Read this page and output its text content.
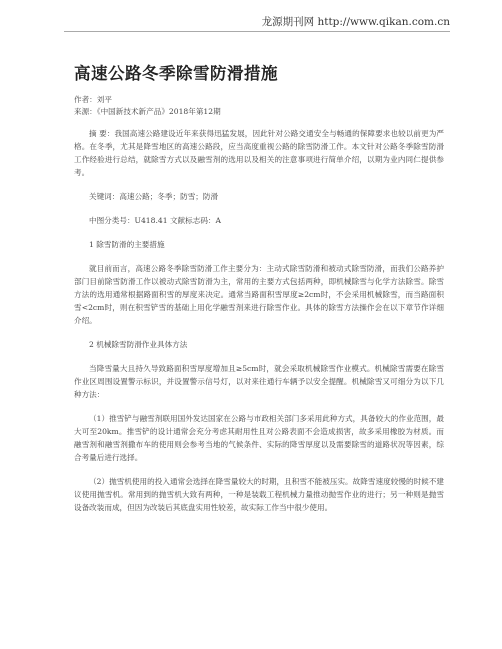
龙源期刊网 http://www.qikan.com.cn
高速公路冬季除雪防滑措施

作者：刘平

来源：《中国新技术新产品》2018年第12期

摘 要：我国高速公路建设近年来获得迅猛发展，因此针对公路交通安全与畅通的保障要求也较以前更为严格。在冬季，尤其是降雪地区的高速公路段，应当高度重视公路的除雪防滑工作。本文针对公路冬季除雪防滑工作经验进行总结，就除雪方式以及融雪剂的选用以及相关的注意事项进行简单介绍，以期为业内同仁提供参考。

关键词：高速公路；冬季；防雪；防滑

中图分类号：U418.41 文献标志码：A

1 除雪防滑的主要措施

就目前而言，高速公路冬季除雪防滑工作主要分为：主动式除雪防滑和被动式除雪防滑，而我们公路养护部门目前除雪防滑工作以被动式除雪防滑为主，常用的主要方式包括两种，即机械除雪与化学方法除雪。除雪方法的选用通常根据路面积雪的厚度来决定。通常当路面积雪厚度≥2cm时，不会采用机械除雪，而当路面积雪<2cm时，则在积雪铲雪的基础上用化学融雪剂来进行除雪作业。具体的除雪方法操作会在以下章节作详细介绍。

2 机械除雪防滑作业具体方法

当降雪量大且持久导致路面积雪厚度增加且≥5cm时，就会采取机械除雪作业模式。机械除雪需要在除雪作业区周围设置警示标识，并设置警示信号灯，以对来往通行车辆予以安全提醒。机械除雪又可细分为以下几种方法：

（1）推雪铲与融雪剂联用国外发达国家在公路与市政相关部门多采用此种方式，具备较大的作业范围，最大可至20km。推雪铲的设计通常会充分考虑其耐用性且对公路表面不会造成损害，故多采用橡胶为材质。而融雪剂和融雪剂撒布车的使用则会参考当地的气候条件、实际的降雪厚度以及需要除雪的道路状况等因素，综合考量后进行选择。

（2）抛雪机使用的投入通常会选择在降雪量较大的时期，且积雪不能被压实。故降雪速度较慢的时候不建议使用抛雪机。常用到的抛雪机大致有两种，一种是装载工程机械力量推动抛雪作业的进行；另一种则是抛雪设备改装而成，但因为改装后其底盘实用性较差，故实际工作当中很少使用。
